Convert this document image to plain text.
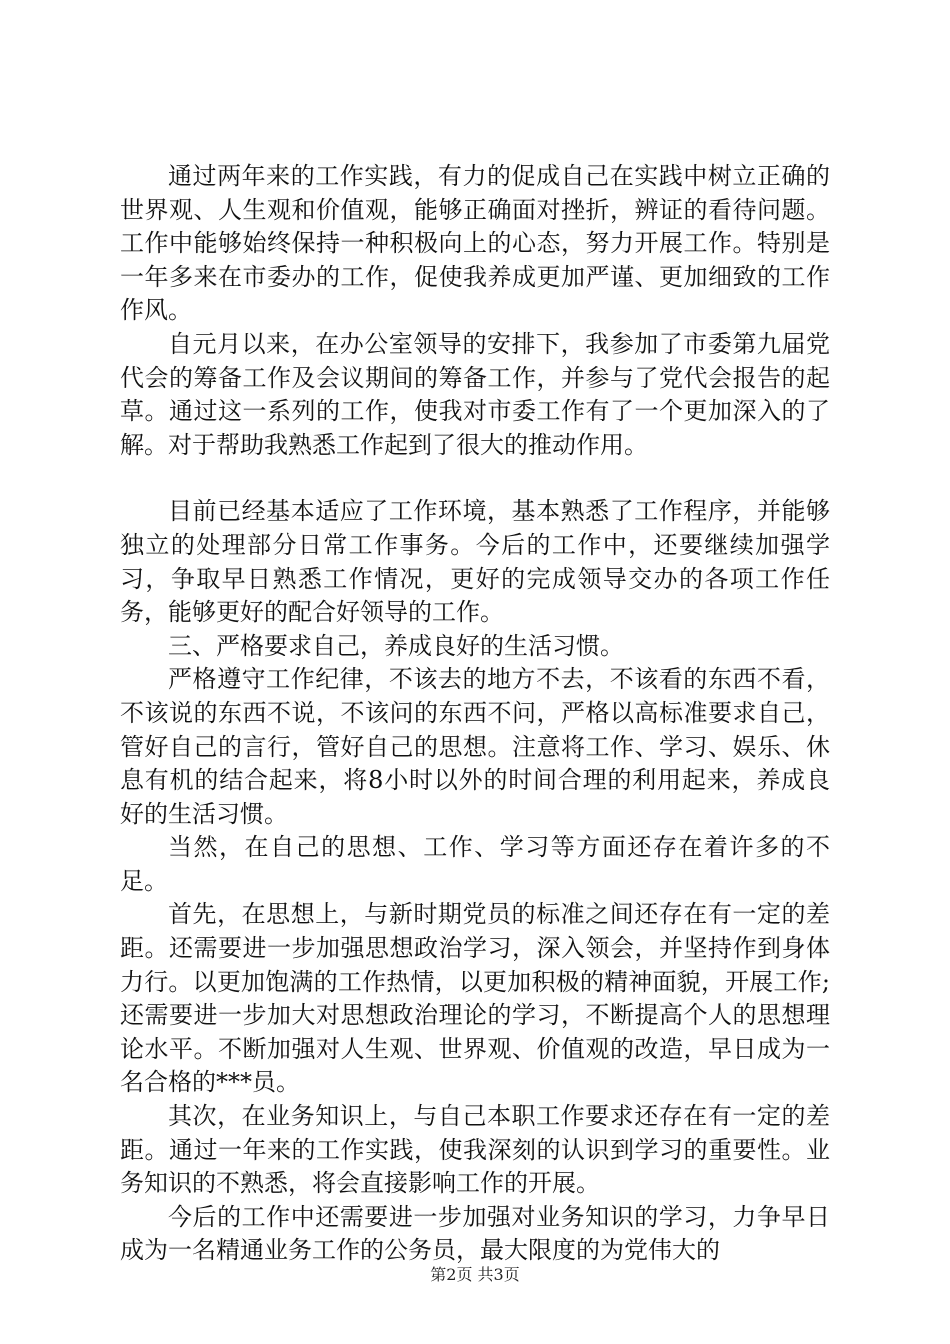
通过两年来的工作实践，有力的促成自己在实践中树立正确的世界观、人生观和价值观，能够正确面对挫折，辨证的看待问题。工作中能够始终保持一种积极向上的心态，努力开展工作。特别是一年多来在市委办的工作，促使我养成更加严谨、更加细致的工作作风。

自元月以来，在办公室领导的安排下，我参加了市委第九届党代会的筹备工作及会议期间的筹备工作，并参与了党代会报告的起草。通过这一系列的工作，使我对市委工作有了一个更加深入的了解。对于帮助我熟悉工作起到了很大的推动作用。

目前已经基本适应了工作环境，基本熟悉了工作程序，并能够独立的处理部分日常工作事务。今后的工作中，还要继续加强学习，争取早日熟悉工作情况，更好的完成领导交办的各项工作任务，能够更好的配合好领导的工作。

三、严格要求自己，养成良好的生活习惯。

严格遵守工作纪律，不该去的地方不去，不该看的东西不看，不该说的东西不说，不该问的东西不问，严格以高标准要求自己，管好自己的言行，管好自己的思想。注意将工作、学习、娱乐、休息有机的结合起来，将8小时以外的时间合理的利用起来，养成良好的生活习惯。

当然，在自己的思想、工作、学习等方面还存在着许多的不足。

首先，在思想上，与新时期党员的标准之间还存在有一定的差距。还需要进一步加强思想政治学习，深入领会，并坚持作到身体力行。以更加饱满的工作热情，以更加积极的精神面貌，开展工作;还需要进一步加大对思想政治理论的学习，不断提高个人的思想理论水平。不断加强对人生观、世界观、价值观的改造，早日成为一名合格的***员。

其次，在业务知识上，与自己本职工作要求还存在有一定的差距。通过一年来的工作实践，使我深刻的认识到学习的重要性。业务知识的不熟悉，将会直接影响工作的开展。

今后的工作中还需要进一步加强对业务知识的学习，力争早日成为一名精通业务工作的公务员，最大限度的为党伟大的

第2页 共3页
